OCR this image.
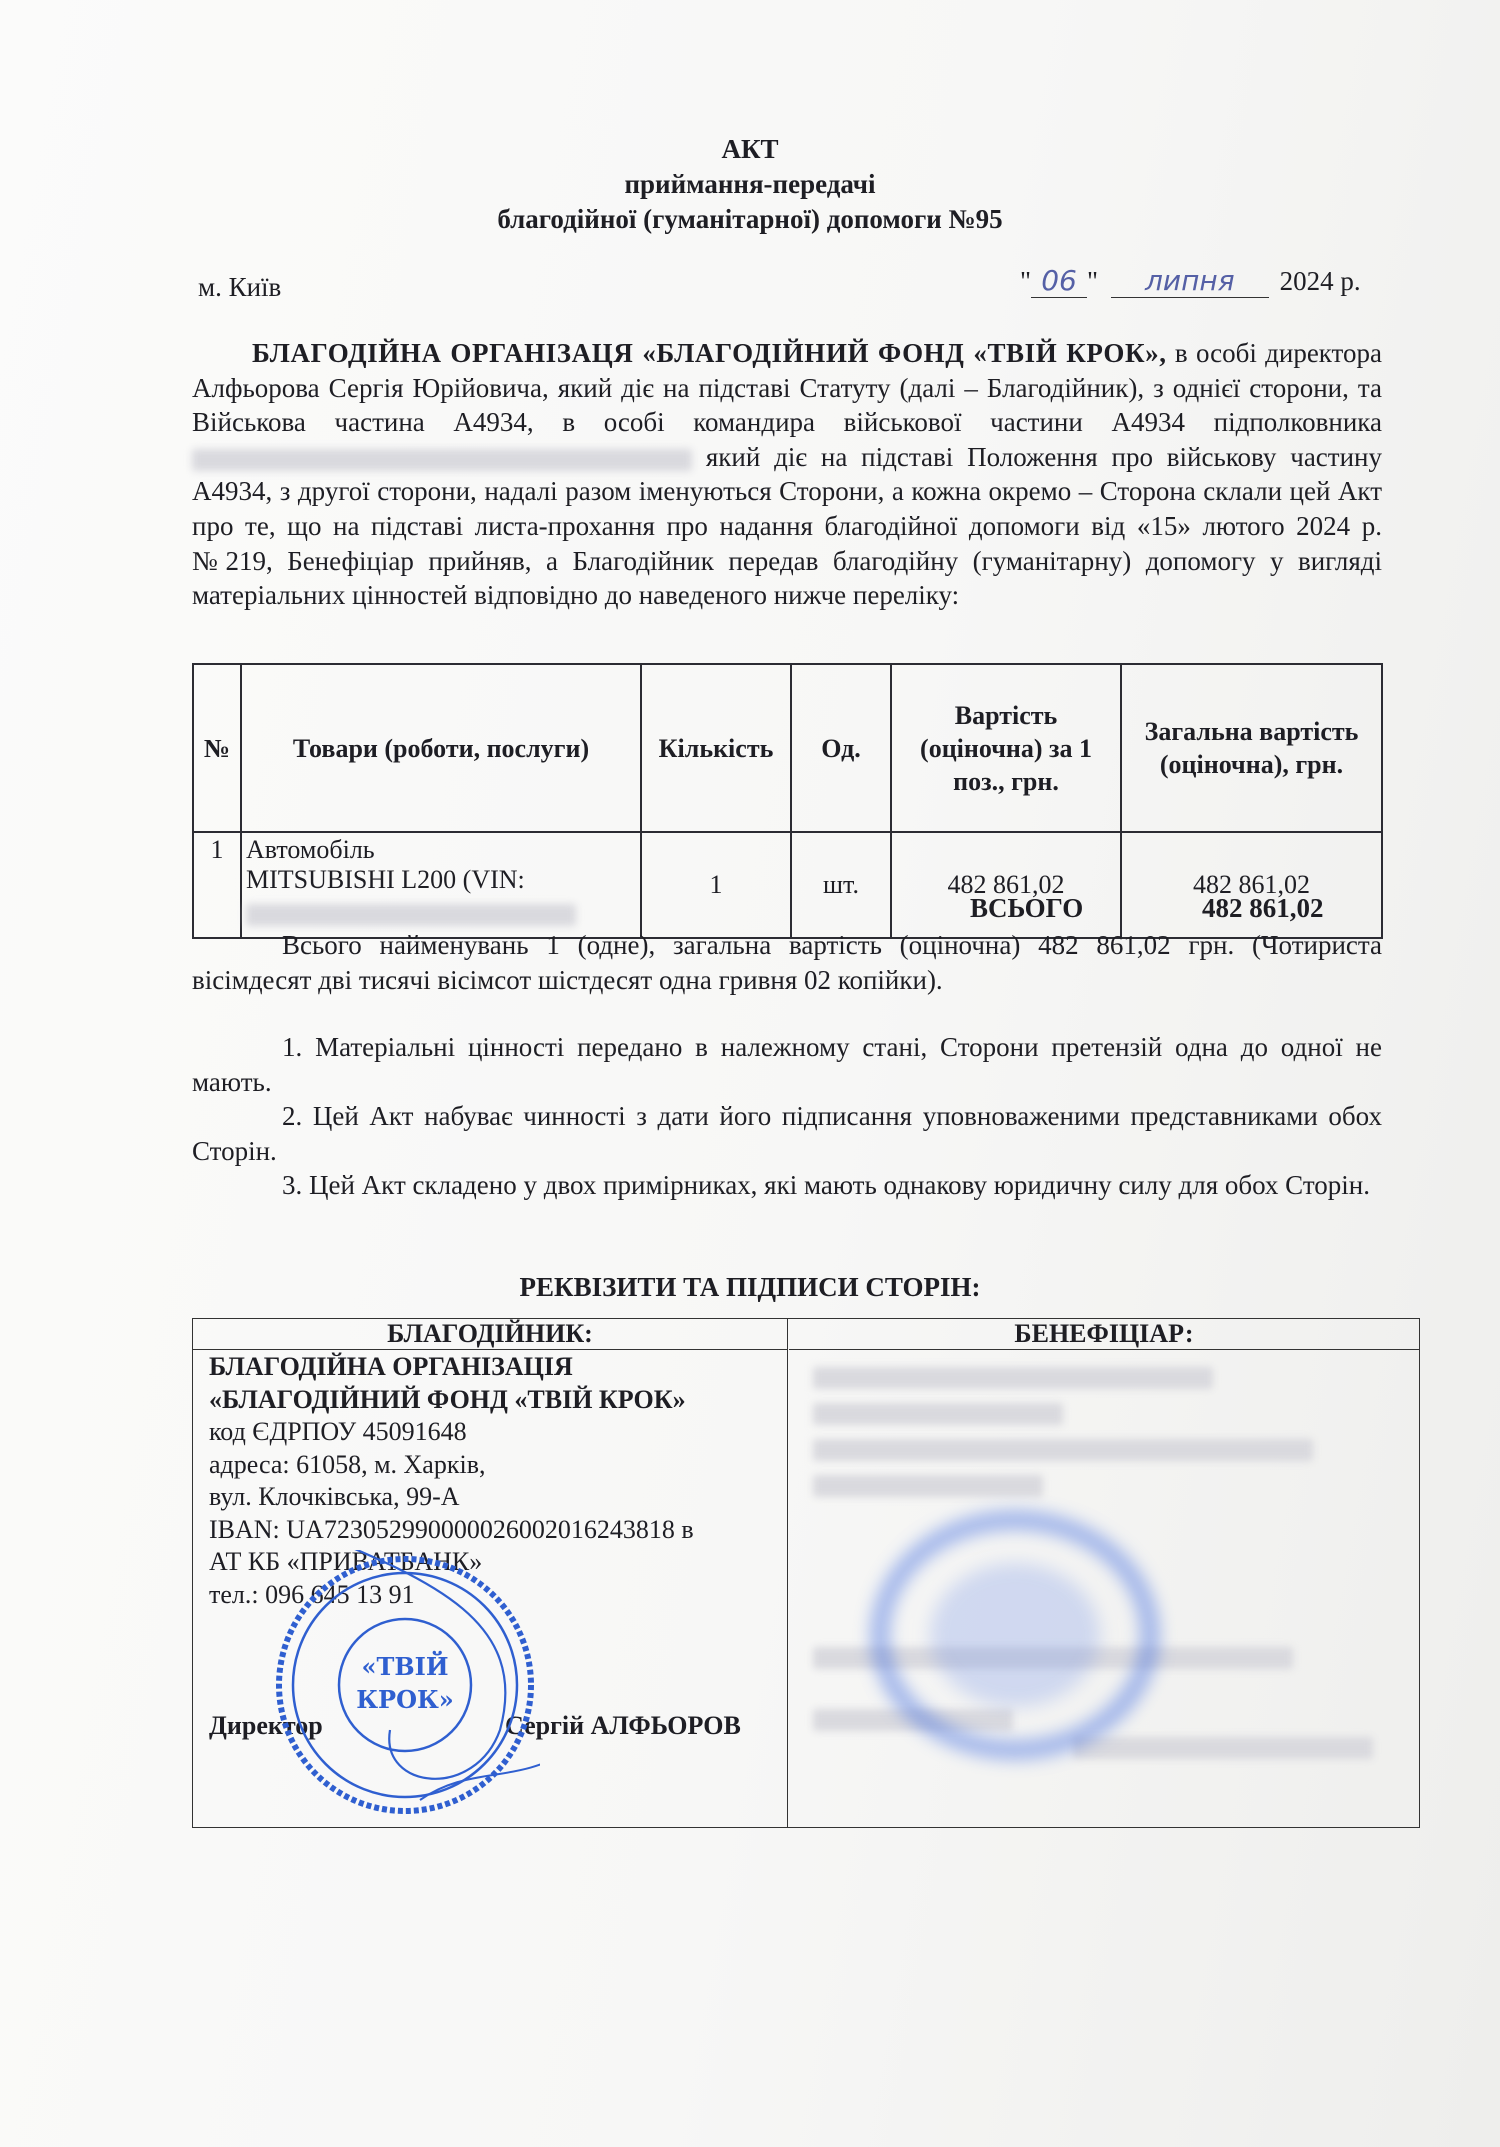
АКТ
приймання-передачі
благодійної (гуманітарної) допомоги №95
м. Київ	" 06 " липня 2024 р.
БЛАГОДІЙНА ОРГАНІЗАЦЯ «БЛАГОДІЙНИЙ ФОНД «ТВІЙ КРОК», в особі директора Алфьорова Сергія Юрійовича, який діє на підставі Статуту (далі – Благодійник), з однієї сторони, та Військова частина А4934, в особі командира військової частини А4934 підполковника  який діє на підставі Положення про військову частину А4934, з другої сторони, надалі разом іменуються Сторони, а кожна окремо – Сторона склали цей Акт про те, що на підставі листа-прохання про надання благодійної допомоги від «15» лютого 2024 р. №219, Бенефіціар прийняв, а Благодійник передав благодійну (гуманітарну) допомогу у вигляді матеріальних цінностей відповідно до наведеного нижче переліку:
№	Товари (роботи, послуги)	Кількість	Од.	Вартість (оціночна) за 1 поз., грн.	Загальна вартість (оціночна), грн.
1	Автомобіль
MITSUBISHI L200 (VIN:	1	шт.	482 861,02	482 861,02
ВСЬОГО	482 861,02
Всього найменувань 1 (одне), загальна вартість (оціночна) 482 861,02 грн. (Чотириста вісімдесят дві тисячі вісімсот шістдесят одна гривня 02 копійки).
1. Матеріальні цінності передано в належному стані, Сторони претензій одна до одної не мають.
2. Цей Акт набуває чинності з дати його підписання уповноваженими представниками обох Сторін.
3. Цей Акт складено у двох примірниках, які мають однакову юридичну силу для обох Сторін.
РЕКВІЗИТИ ТА ПІДПИСИ СТОРІН:
БЛАГОДІЙНИК:	БЕНЕФІЦІАР:
БЛАГОДІЙНА ОРГАНІЗАЦІЯ
«БЛАГОДІЙНИЙ ФОНД «ТВІЙ КРОК»
код ЄДРПОУ 45091648
адреса: 61058, м. Харків,
вул. Клочківська, 99-А
IBAN: UA723052990000026002016243818 в
АТ КБ «ПРИВАТБАНК»
тел.: 096 645 13 91
Директор	Сергій АЛФЬОРОВ
«ТВІЙ
КРОК»
